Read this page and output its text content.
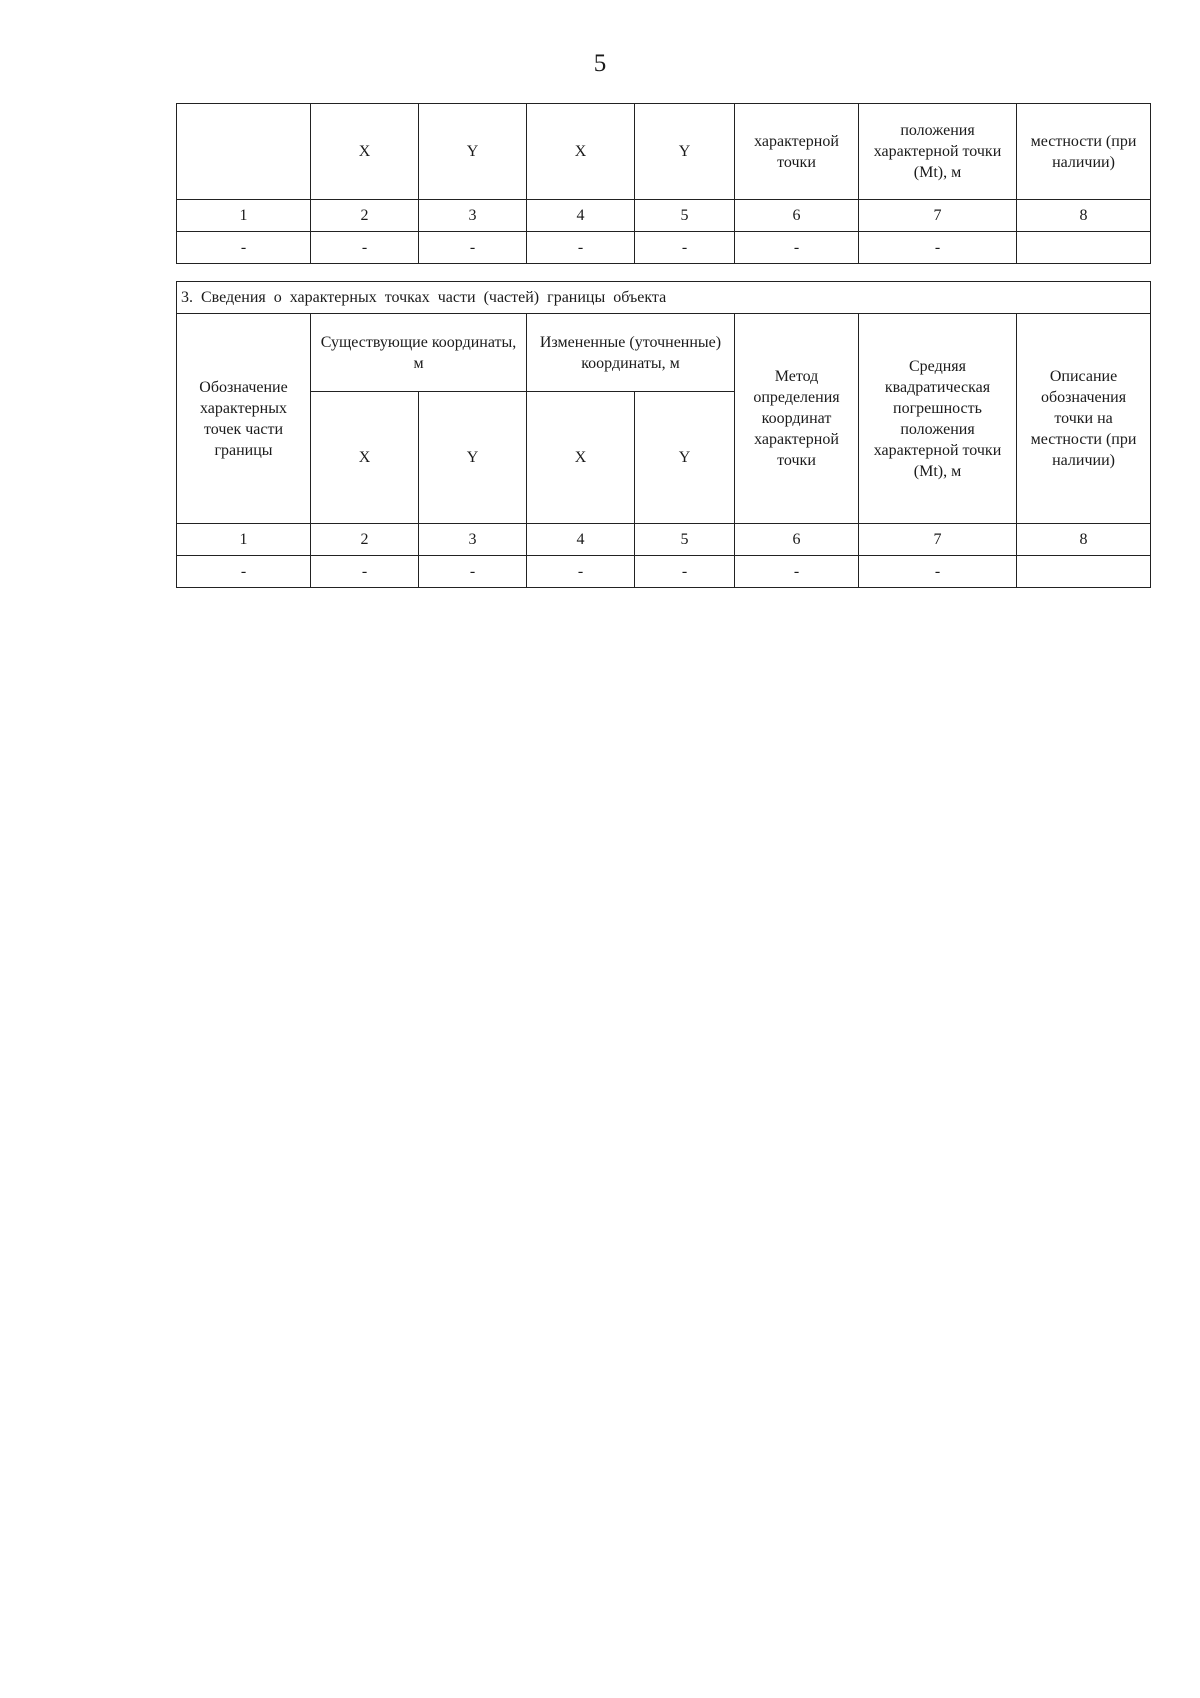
5
	X	Y	X	Y	характерной точки	положения характерной точки (Mt), м	местности (при наличии)
1	2	3	4	5	6	7	8
-	-	-	-	-	-	-	
3. Сведения о характерных точках части (частей) границы объекта							
Обозначение характерных точек части границы	Существующие координаты, м		Измененные (уточненные) координаты, м		Метод определения координат характерной точки	Средняя квадратическая погрешность положения характерной точки (Mt), м	Описание обозначения точки на местности (при наличии)
	X	Y	X	Y			
1	2	3	4	5	6	7	8
-	-	-	-	-	-	-	
